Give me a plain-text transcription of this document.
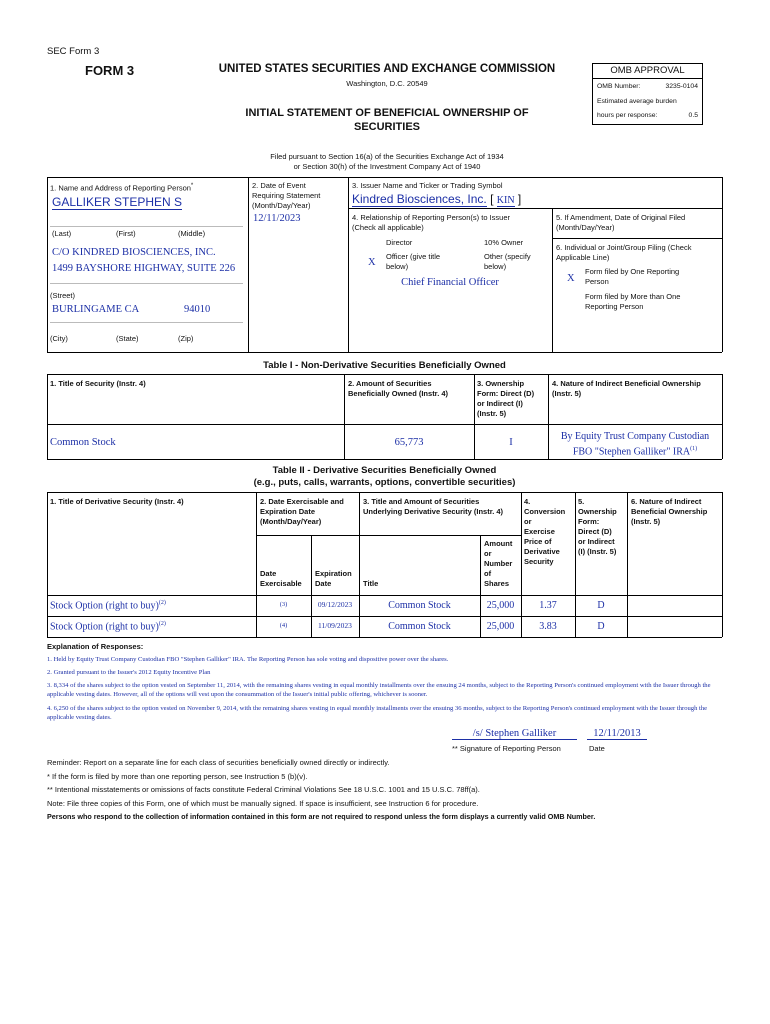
SEC Form 3
FORM 3	UNITED STATES SECURITIES AND EXCHANGE COMMISSION
Washington, D.C. 20549
INITIAL STATEMENT OF BENEFICIAL OWNERSHIP OF
SECURITIES
OMB APPROVAL
OMB Number:	3235-0104
Estimated average burden
hours per response:	0.5
Filed pursuant to Section 16(a) of the Securities Exchange Act of 1934
or Section 30(h) of the Investment Company Act of 1940
1. Name and Address of Reporting Person*
GALLIKER STEPHEN S
(Last)	(First)	(Middle)
C/O KINDRED BIOSCIENCES, INC.
1499 BAYSHORE HIGHWAY, SUITE 226
(Street)
BURLINGAME CA	94010
(City)	(State)	(Zip)
2. Date of Event
Requiring Statement
(Month/Day/Year)
12/11/2023
3. Issuer Name and Ticker or Trading Symbol
Kindred Biosciences, Inc. [ KIN ]
4. Relationship of Reporting Person(s) to Issuer
(Check all applicable)
Director	10% Owner
X
Officer (give title
below)
Other (specify
below)
Chief Financial Officer
5. If Amendment, Date of Original Filed
(Month/Day/Year)
6. Individual or Joint/Group Filing (Check
Applicable Line)
X
Form filed by One Reporting
Person
Form filed by More than One
Reporting Person
Table I - Non-Derivative Securities Beneficially Owned
1. Title of Security (Instr. 4)	2. Amount of Securities
Beneficially Owned (Instr. 4)
3. Ownership
Form: Direct (D)
or Indirect (I)
(Instr. 5)
4. Nature of Indirect Beneficial Ownership
(Instr. 5)
Common Stock	65,773	I
By Equity Trust Company Custodian
FBO "Stephen Galliker" IRA$^{(1)}$
Table II - Derivative Securities Beneficially Owned
(e.g., puts, calls, warrants, options, convertible securities)
1. Title of Derivative Security (Instr. 4)	2. Date Exercisable and
Expiration Date
(Month/Day/Year)
3. Title and Amount of Securities
Underlying Derivative Security (Instr. 4)
4.
Conversion
or
Exercise
Price of
Derivative
Security
5.
Ownership
Form:
Direct (D)
or Indirect
(I) (Instr. 5)
6. Nature of Indirect
Beneficial Ownership
(Instr. 5)
Date
Exercisable
Expiration
Date	Title
Amount
or
Number
of
Shares
Stock Option (right to buy)$^{(2)}$	(3)	09/12/2023	Common Stock	25,000	1.37	D
Stock Option (right to buy)$^{(2)}$	(4)	11/09/2023	Common Stock	25,000	3.83	D
Explanation of Responses:
1. Held by Equity Trust Company Custodian FBO "Stephen Galliker" IRA. The Reporting Person has sole voting and dispositive power over the shares.
2. Granted pursuant to the Issuer's 2012 Equity Incentive Plan
3. 8,334 of the shares subject to the option vested on September 11, 2014, with the remaining shares vesting in equal monthly installments over the ensuing 24 months, subject to the Reporting Person's continued employment with the Issuer through the applicable vesting dates. However, all of the options will vest upon the consummation of the Issuer's initial public offering, whichever is sooner.
4. 6,250 of the shares subject to the option vested on November 9, 2014, with the remaining shares vesting in equal monthly installments over the ensuing 36 months, subject to the Reporting Person's continued employment with the Issuer through the applicable vesting dates.
/s/ Stephen Galliker	12/11/2013
** Signature of Reporting Person	Date
Reminder: Report on a separate line for each class of securities beneficially owned directly or indirectly.
* If the form is filed by more than one reporting person, see Instruction 5 (b)(v).
** Intentional misstatements or omissions of facts constitute Federal Criminal Violations See 18 U.S.C. 1001 and 15 U.S.C. 78ff(a).
Note: File three copies of this Form, one of which must be manually signed. If space is insufficient, see Instruction 6 for procedure.
Persons who respond to the collection of information contained in this form are not required to respond unless the form displays a currently valid OMB Number.
